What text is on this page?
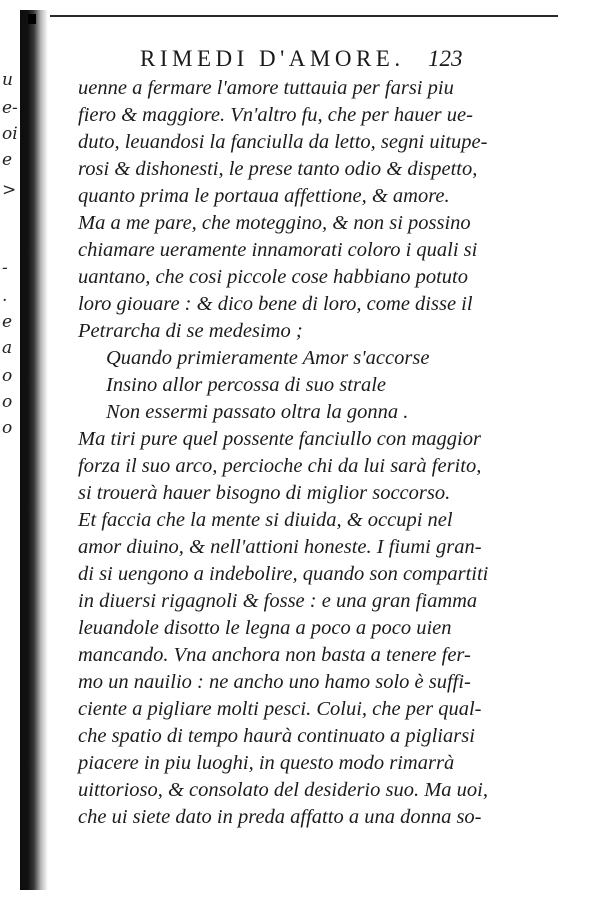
u
e-
oi
e
>
-
.
e
a
o
o
o
RIMEDI D'AMORE. 123
uenne a fermare l'amore tuttauia per farsi piu
fiero & maggiore. Vn'altro fu, che per hauer ue-
duto, leuandosi la fanciulla da letto, segni uitupe-
rosi & dishonesti, le prese tanto odio & dispetto,
quanto prima le portaua affettione, & amore.
Ma a me pare, che moteggino, & non si possino
chiamare ueramente innamorati coloro i quali si
uantano, che cosi piccole cose habbiano potuto
loro giouare : & dico bene di loro, come disse il
Petrarcha di se medesimo ;
Quando primieramente Amor s'accorse
Insino allor percossa di suo strale
Non essermi passato oltra la gonna .
Ma tiri pure quel possente fanciullo con maggior
forza il suo arco, percioche chi da lui sarà ferito,
si trouerà hauer bisogno di miglior soccorso.
Et faccia che la mente si diuida, & occupi nel
amor diuino, & nell'attioni honeste. I fiumi gran-
di si uengono a indebolire, quando son compartiti
in diuersi rigagnoli & fosse : e una gran fiamma
leuandole disotto le legna a poco a poco uien
mancando. Vna anchora non basta a tenere fer-
mo un nauilio : ne ancho uno hamo solo è suffi-
ciente a pigliare molti pesci. Colui, che per qual-
che spatio di tempo haurà continuato a pigliarsi
piacere in piu luoghi, in questo modo rimarrà
uittorioso, & consolato del desiderio suo. Ma uoi,
che ui siete dato in preda affatto a una donna so-
